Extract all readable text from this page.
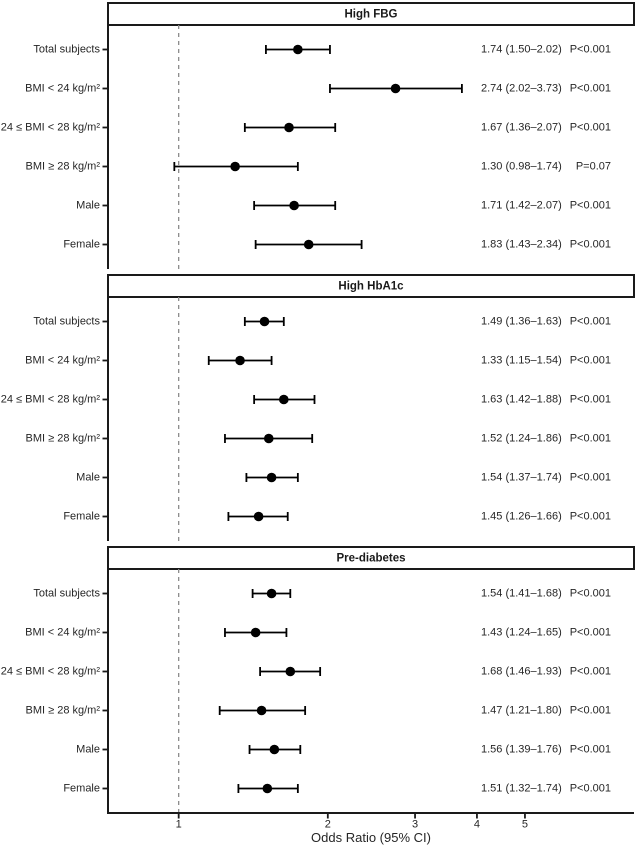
High FBG
Total subjects	1.74 (1.50–2.02) P<0.001
BMI < 24 kg/m²	2.74 (2.02–3.73) P<0.001
24 ≤ BMI < 28 kg/m²	1.67 (1.36–2.07) P<0.001
BMI ≥ 28 kg/m²	1.30 (0.98–1.74) P=0.07
Male	1.71 (1.42–2.07) P<0.001
Female	1.83 (1.43–2.34) P<0.001
High HbA1c
Total subjects	1.49 (1.36–1.63) P<0.001
BMI < 24 kg/m²	1.33 (1.15–1.54) P<0.001
24 ≤ BMI < 28 kg/m²	1.63 (1.42–1.88) P<0.001
BMI ≥ 28 kg/m²	1.52 (1.24–1.86) P<0.001
Male	1.54 (1.37–1.74) P<0.001
Female	1.45 (1.26–1.66) P<0.001
Pre-diabetes
Total subjects	1.54 (1.41–1.68) P<0.001
BMI < 24 kg/m²	1.43 (1.24–1.65) P<0.001
24 ≤ BMI < 28 kg/m²	1.68 (1.46–1.93) P<0.001
BMI ≥ 28 kg/m²	1.47 (1.21–1.80) P<0.001
Male	1.56 (1.39–1.76) P<0.001
Female	1.51 (1.32–1.74) P<0.001
1	2	3	4	5
Odds Ratio (95% CI)
